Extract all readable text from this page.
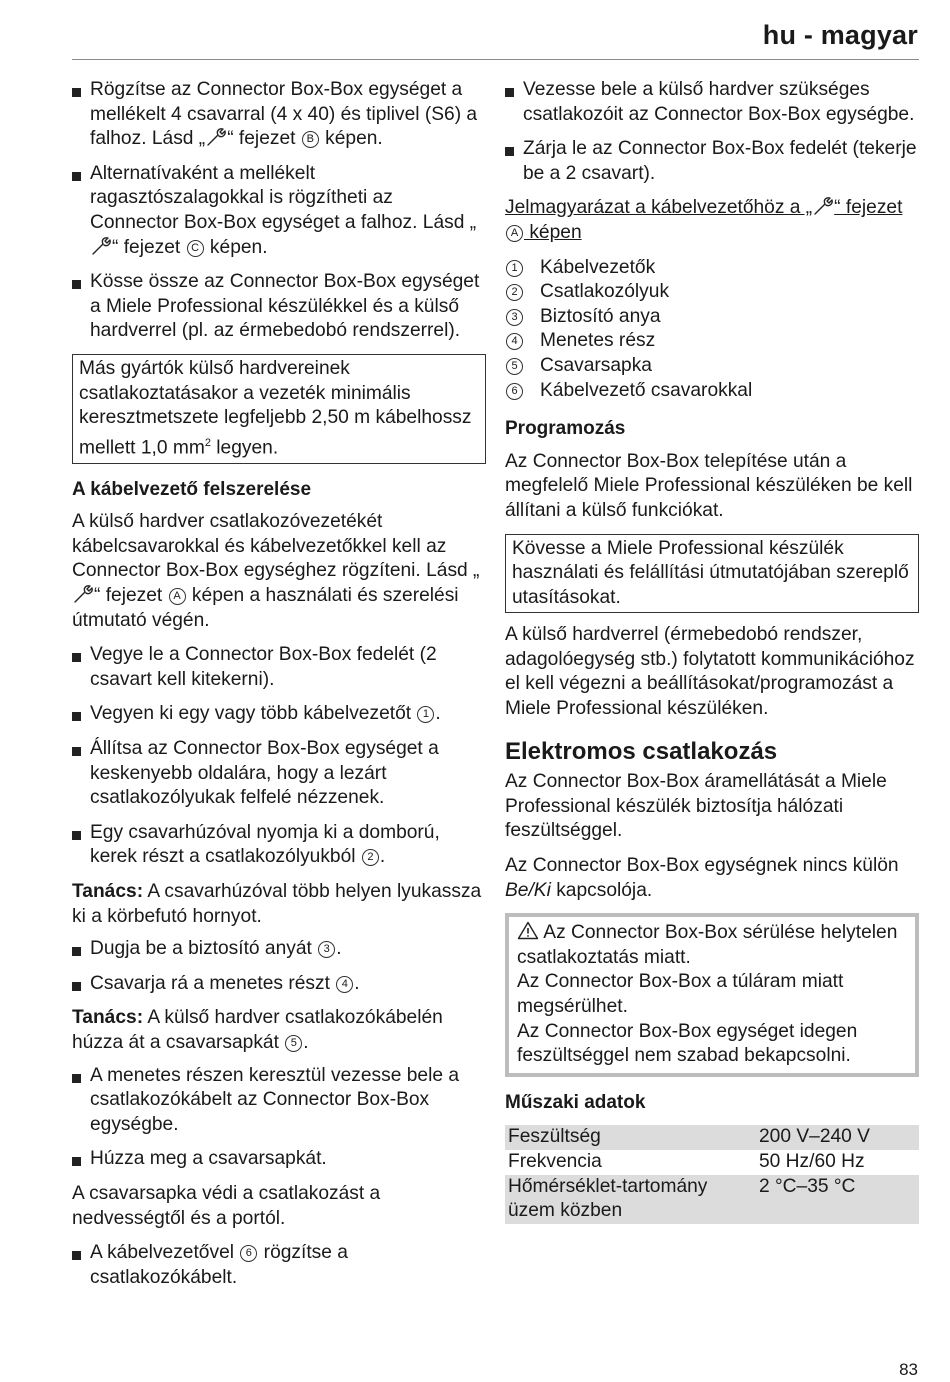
hu - magyar

Rögzítse az Connector Box-Box egységet a mellékelt 4 csavarral (4 x 40) és tiplivel (S6) a falhoz. Lásd „ “ fejezet B képen.

Alternatívaként a mellékelt ragasztószalagokkal is rögzítheti az Connector Box-Box egységet a falhoz. Lásd „“ fejezet C képen.

Kösse össze az Connector Box-Box egységet a Miele Professional készülékkel és a külső hardverrel (pl. az érmebedobó rendszerrel).

Más gyártók külső hardvereinek csatlakoztatásakor a vezeték minimális keresztmetszete legfeljebb 2,50 m kábelhossz mellett 1,0 $mm^2$ legyen.
A kábelvezető felszerelése

A külső hardver csatlakozóvezetékét kábelcsavarokkal és kábelvezetőkkel kell az Connector Box-Box egységhez rögzíteni. Lásd „“ fejezet A képen a használati és szerelési útmutató végén.

Vegye le a Connector Box-Box fedelét (2 csavart kell kitekerni).

Vegyen ki egy vagy több kábelvezetőt 1 .

Állítsa az Connector Box-Box egységet a keskenyebb oldalára, hogy a lezárt csatlakozólyukak felfelé nézzenek.

Egy csavarhúzóval nyomja ki a domború, kerek részt a csatlakozólyukból 2 .

Tanács: A csavarhúzóval több helyen lyukassza ki a körbefutó hornyot.

Dugja be a biztosító anyát 3 .

Csavarja rá a menetes részt 4 .

Tanács: A külső hardver csatlakozókábelén húzza át a csavarsapkát 5 .

A menetes részen keresztül vezesse bele a csatlakozókábelt az Connector Box-Box egységbe.

Húzza meg a csavarsapkát.

A csavarsapka védi a csatlakozást a nedvességtől és a portól.

A kábelvezetővel 6 rögzítse a csatlakozókábelt.

Vezesse bele a külső hardver szükséges csatlakozóit az Connector Box-Box egységbe.

Zárja le az Connector Box-Box fedelét (tekerje be a 2 csavart).

Jelmagyarázat a kábelvezetőhöz a „ “ fejezet A képen

1	Kábelvezetők
2	Csatlakozólyuk
3	Biztosító anya
4	Menetes rész
5	Csavarsapka
6	Kábelvezető csavarokkal
Programozás

Az Connector Box-Box telepítése után a megfelelő Miele Professional készüléken be kell állítani a külső funkciókat.

Kövesse a Miele Professional készülék használati és felállítási útmutatójában szereplő utasításokat.

A külső hardverrel (érmebedobó rendszer, adagolóegység stb.) folytatott kommunikációhoz el kell végezni a beállításokat/programozást a Miele Professional készüléken.

Elektromos csatlakozás

Az Connector Box-Box áramellátását a Miele Professional készülék biztosítja hálózati feszültséggel.

Az Connector Box-Box egységnek nincs külön Be/Ki kapcsolója.

Az Connector Box-Box sérülése helytelen csatlakoztatás miatt.
Az Connector Box-Box a túláram miatt megsérülhet.
Az Connector Box-Box egységet idegen feszültséggel nem szabad bekapcsolni.
Műszaki adatok
Feszültség	200 V–240 V
Frekvencia	50 Hz/60 Hz
Hőmérséklet-tartomány üzem közben	2 °C–35 °C
83
